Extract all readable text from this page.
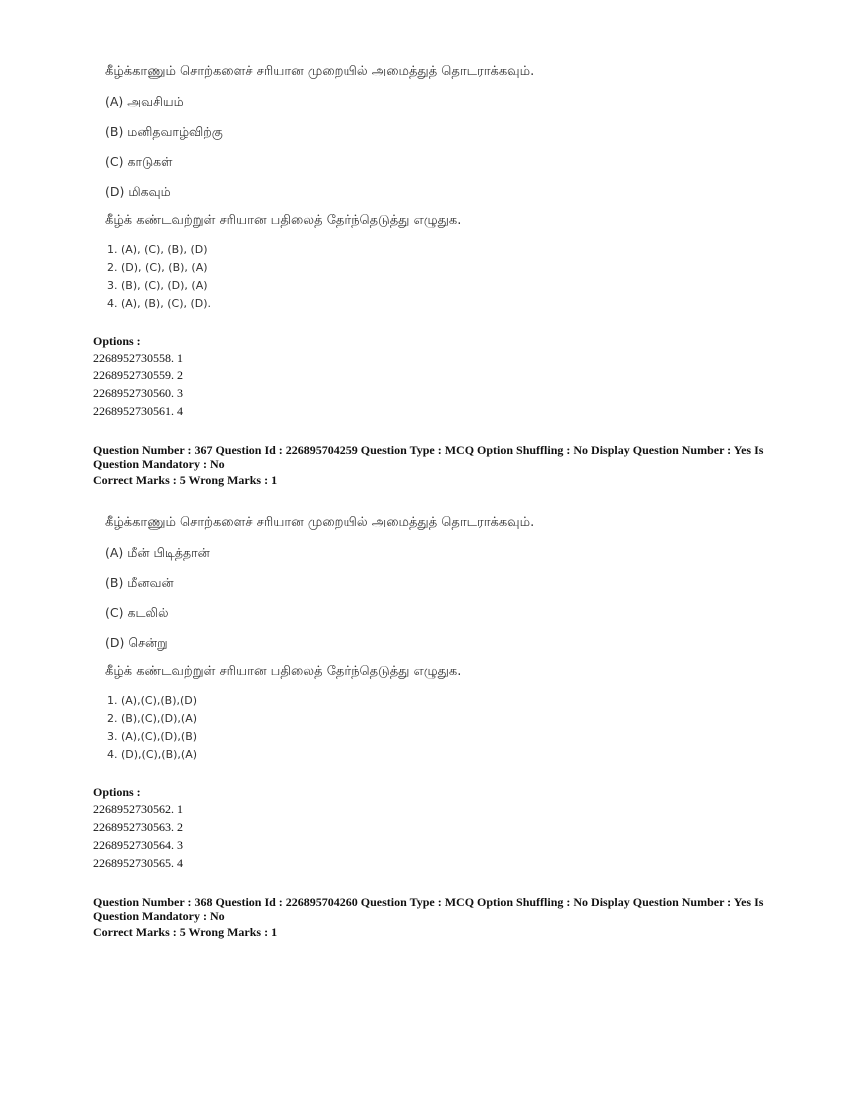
கீழ்க்காணும் சொற்களைச் சரியான முறையில் அமைத்துத் தொடராக்கவும்.
(A) அவசியம்
(B) மனிதவாழ்விற்கு
(C) காடுகள்
(D) மிகவும்
கீழ்க் கண்டவற்றுள் சரியான பதிலைத் தேர்ந்தெடுத்து எழுதுக.
1. (A), (C), (B), (D)
2. (D), (C), (B), (A)
3. (B), (C), (D), (A)
4. (A), (B), (C), (D).
Options :
2268952730558. 1
2268952730559. 2
2268952730560. 3
2268952730561. 4
Question Number : 367 Question Id : 226895704259 Question Type : MCQ Option Shuffling : No Display Question Number : Yes Is
Question Mandatory : No
Correct Marks : 5 Wrong Marks : 1
கீழ்க்காணும் சொற்களைச் சரியான முறையில் அமைத்துத் தொடராக்கவும்.
(A) மீன் பிடித்தான்
(B) மீனவன்
(C) கடலில்
(D) சென்று
கீழ்க் கண்டவற்றுள் சரியான பதிலைத் தேர்ந்தெடுத்து எழுதுக.
1. (A),(C),(B),(D)
2. (B),(C),(D),(A)
3. (A),(C),(D),(B)
4. (D),(C),(B),(A)
Options :
2268952730562. 1
2268952730563. 2
2268952730564. 3
2268952730565. 4
Question Number : 368 Question Id : 226895704260 Question Type : MCQ Option Shuffling : No Display Question Number : Yes Is
Question Mandatory : No
Correct Marks : 5 Wrong Marks : 1
